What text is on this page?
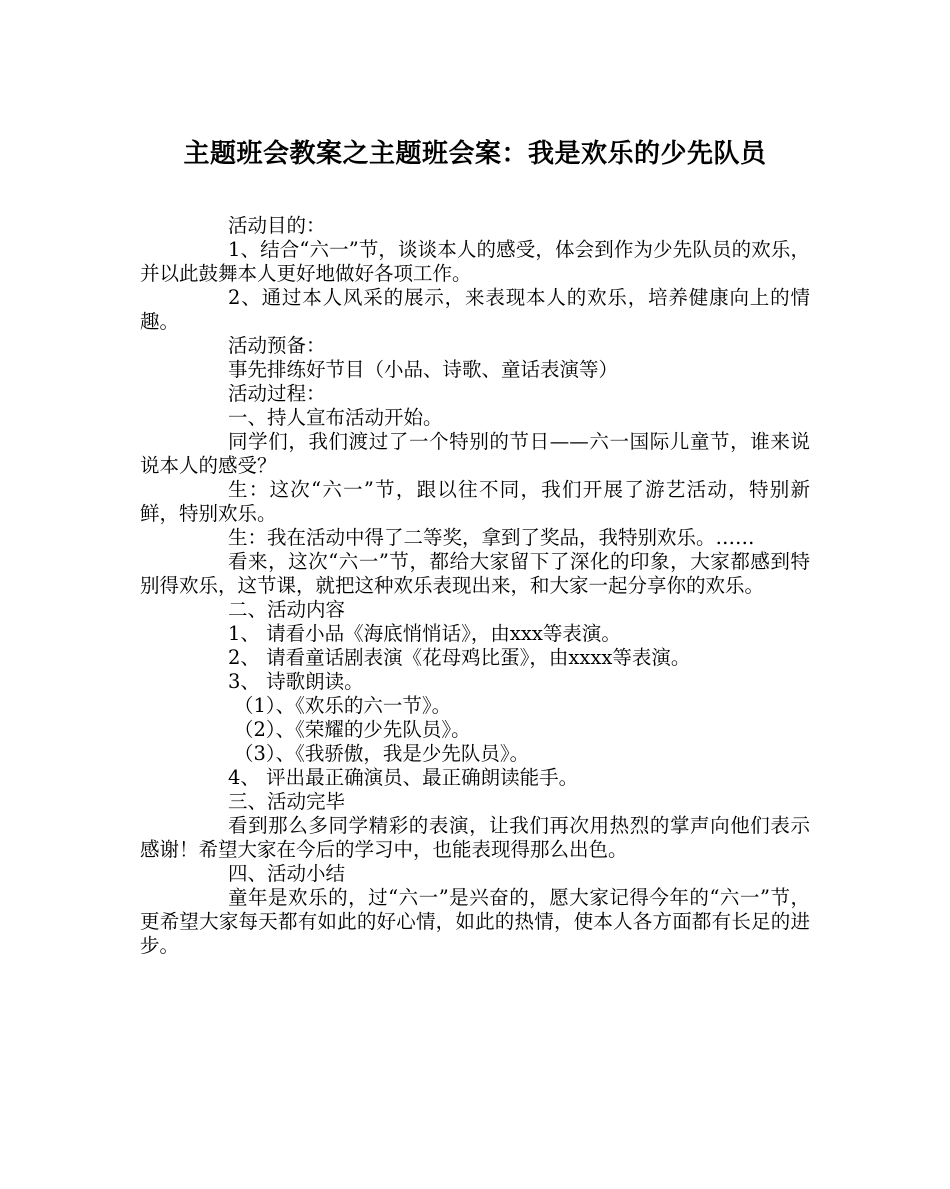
主题班会教案之主题班会案：我是欢乐的少先队员

活动目的：

1、结合“六一”节，谈谈本人的感受，体会到作为少先队员的欢乐，并以此鼓舞本人更好地做好各项工作。

2、通过本人风采的展示，来表现本人的欢乐，培养健康向上的情趣。

活动预备：

事先排练好节目（小品、诗歌、童话表演等）

活动过程：

一、持人宣布活动开始。

同学们，我们渡过了一个特别的节日——六一国际儿童节，谁来说说本人的感受？

生：这次“六一”节，跟以往不同，我们开展了游艺活动，特别新鲜，特别欢乐。

生：我在活动中得了二等奖，拿到了奖品，我特别欢乐。……

看来，这次“六一”节，都给大家留下了深化的印象，大家都感到特别得欢乐，这节课，就把这种欢乐表现出来，和大家一起分享你的欢乐。

二、活动内容

1、 请看小品《海底悄悄话》，由xxx等表演。

2、 请看童话剧表演《花母鸡比蛋》，由xxxx等表演。

3、 诗歌朗读。

（1）、《欢乐的六一节》。

（2）、《荣耀的少先队员》。

（3）、《我骄傲，我是少先队员》。

4、 评出最正确演员、最正确朗读能手。

三、活动完毕

看到那么多同学精彩的表演，让我们再次用热烈的掌声向他们表示感谢！希望大家在今后的学习中，也能表现得那么出色。

四、活动小结

童年是欢乐的，过“六一”是兴奋的，愿大家记得今年的“六一”节，更希望大家每天都有如此的好心情，如此的热情，使本人各方面都有长足的进步。
